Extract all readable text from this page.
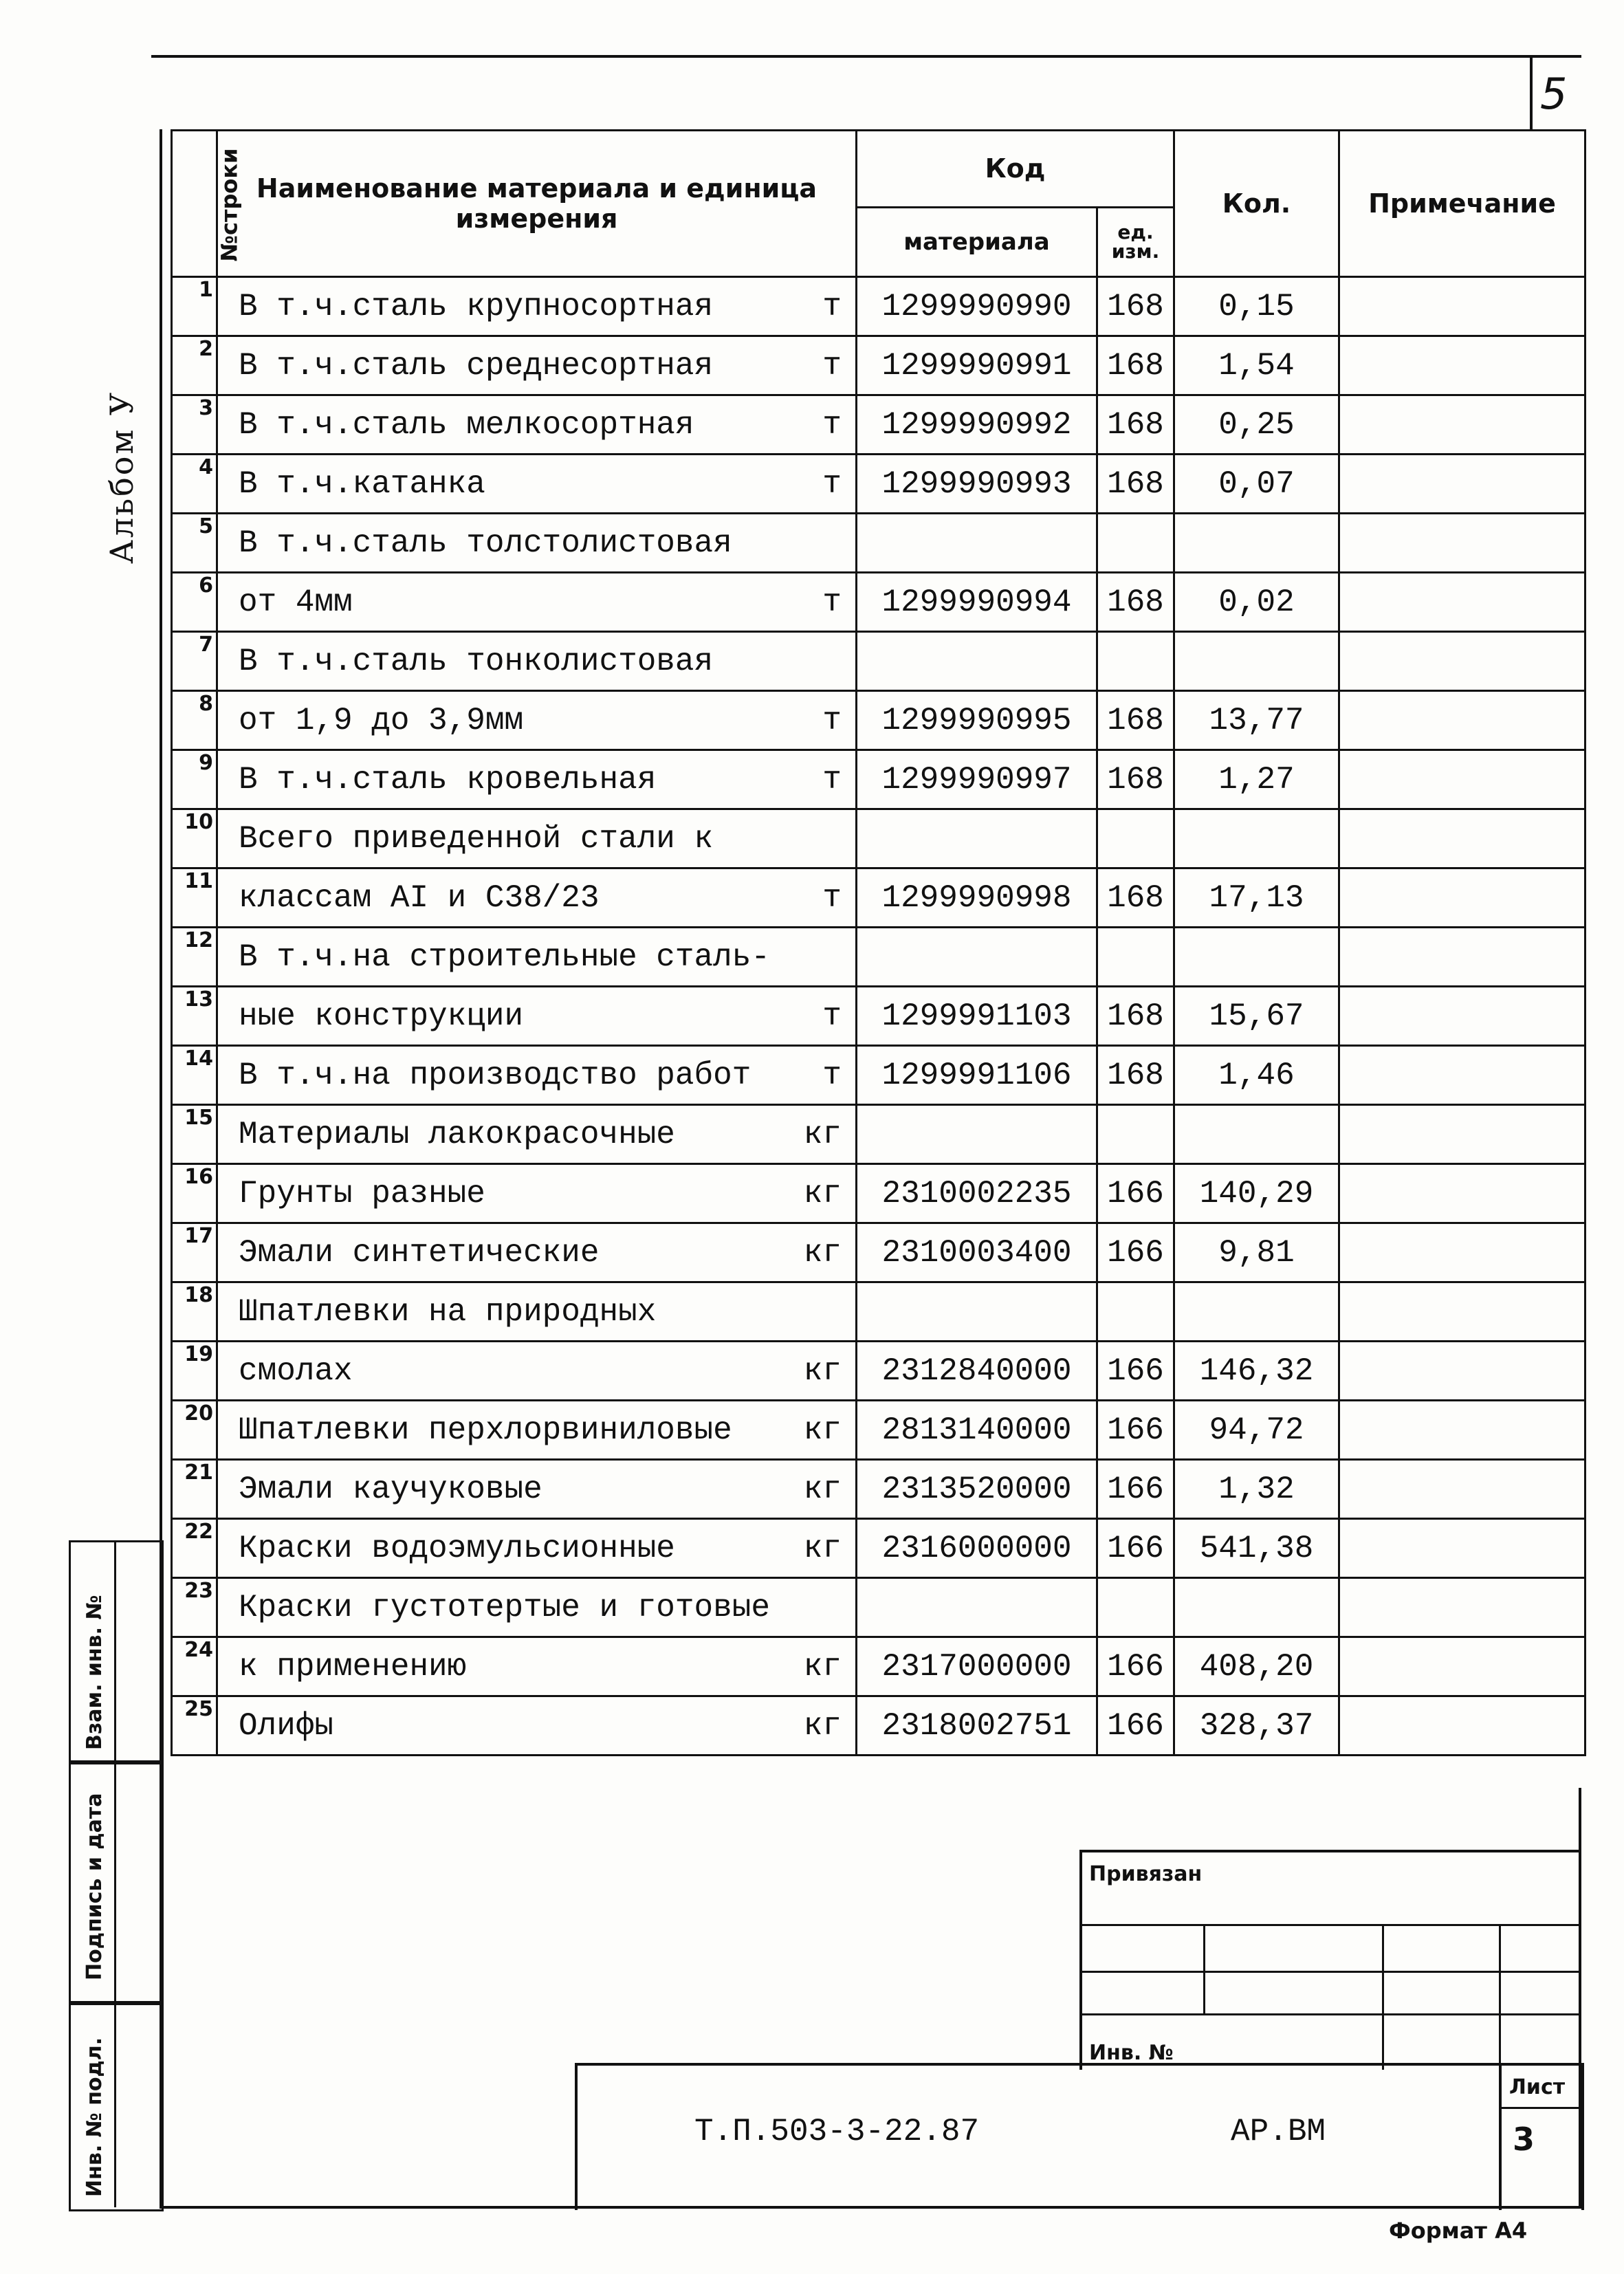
5
Альбом У
№строки	Наименование материала и единица измерения	Код		Кол.	Примечание
		материала	ед. изм.		
1	В т.ч.сталь крупносортная т	1299990990	168	0,15	
2	В т.ч.сталь среднесортная т	1299990991	168	1,54	
3	В т.ч.сталь мелкосортная т	1299990992	168	0,25	
4	В т.ч.катанка т	1299990993	168	0,07	
5	В т.ч.сталь толстолистовая

6	от 4мм т	1299990994	168	0,02	
7	В т.ч.сталь тонколистовая

8	от 1,9 до 3,9мм т	1299990995	168	13,77	
9	В т.ч.сталь кровельная т	1299990997	168	1,27	
10	Всего приведенной стали к

11	классам АI и С38/23 т	1299990998	168	17,13	
12	В т.ч.на строительные сталь-

13	ные конструкции т	1299991103	168	15,67	
14	В т.ч.на производство работ т	1299991106	168	1,46	
15	Материалы лакокрасочные кг				

16	Грунты разные кг	2310002235	166	140,29	
17	Эмали синтетические кг	2310003400	166	9,81	
18	Шпатлевки на природных

19	смолах кг	2312840000	166	146,32	
20	Шпатлевки перхлорвиниловые кг	2813140000	166	94,72	
21	Эмали каучуковые кг	2313520000	166	1,32	
22	Краски водоэмульсионные кг	2316000000	166	541,38	
23	Краски густотертые и готовые

24	к применению кг	2317000000	166	408,20	
25	Олифы кг	2318002751	166	328,37	
Взам. инв. №
Подпись и дата
Инв. № подл.
Привязан
Инв. №
Т.П.503-3-22.87	АР.ВМ
Лист
3
Формат А4
